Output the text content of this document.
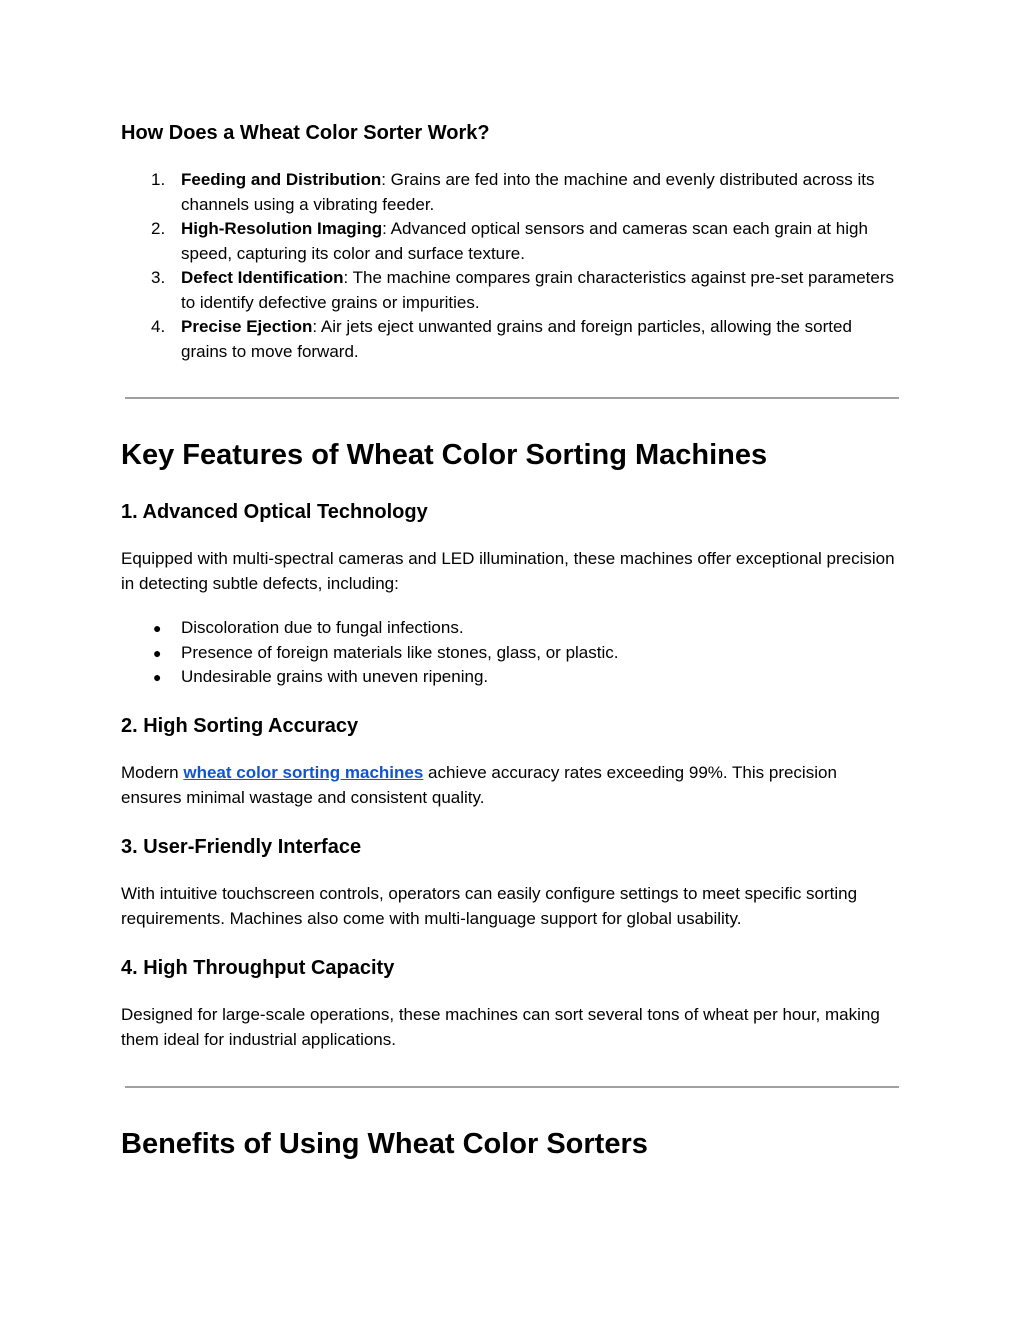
How Does a Wheat Color Sorter Work?
1. Feeding and Distribution: Grains are fed into the machine and evenly distributed across its channels using a vibrating feeder.
2. High-Resolution Imaging: Advanced optical sensors and cameras scan each grain at high speed, capturing its color and surface texture.
3. Defect Identification: The machine compares grain characteristics against pre-set parameters to identify defective grains or impurities.
4. Precise Ejection: Air jets eject unwanted grains and foreign particles, allowing the sorted grains to move forward.
Key Features of Wheat Color Sorting Machines
1. Advanced Optical Technology

Equipped with multi-spectral cameras and LED illumination, these machines offer exceptional precision in detecting subtle defects, including:

● Discoloration due to fungal infections.
● Presence of foreign materials like stones, glass, or plastic.
● Undesirable grains with uneven ripening.
2. High Sorting Accuracy

Modern wheat color sorting machines achieve accuracy rates exceeding 99%. This precision ensures minimal wastage and consistent quality.

3. User-Friendly Interface

With intuitive touchscreen controls, operators can easily configure settings to meet specific sorting requirements. Machines also come with multi-language support for global usability.

4. High Throughput Capacity

Designed for large-scale operations, these machines can sort several tons of wheat per hour, making them ideal for industrial applications.

Benefits of Using Wheat Color Sorters
